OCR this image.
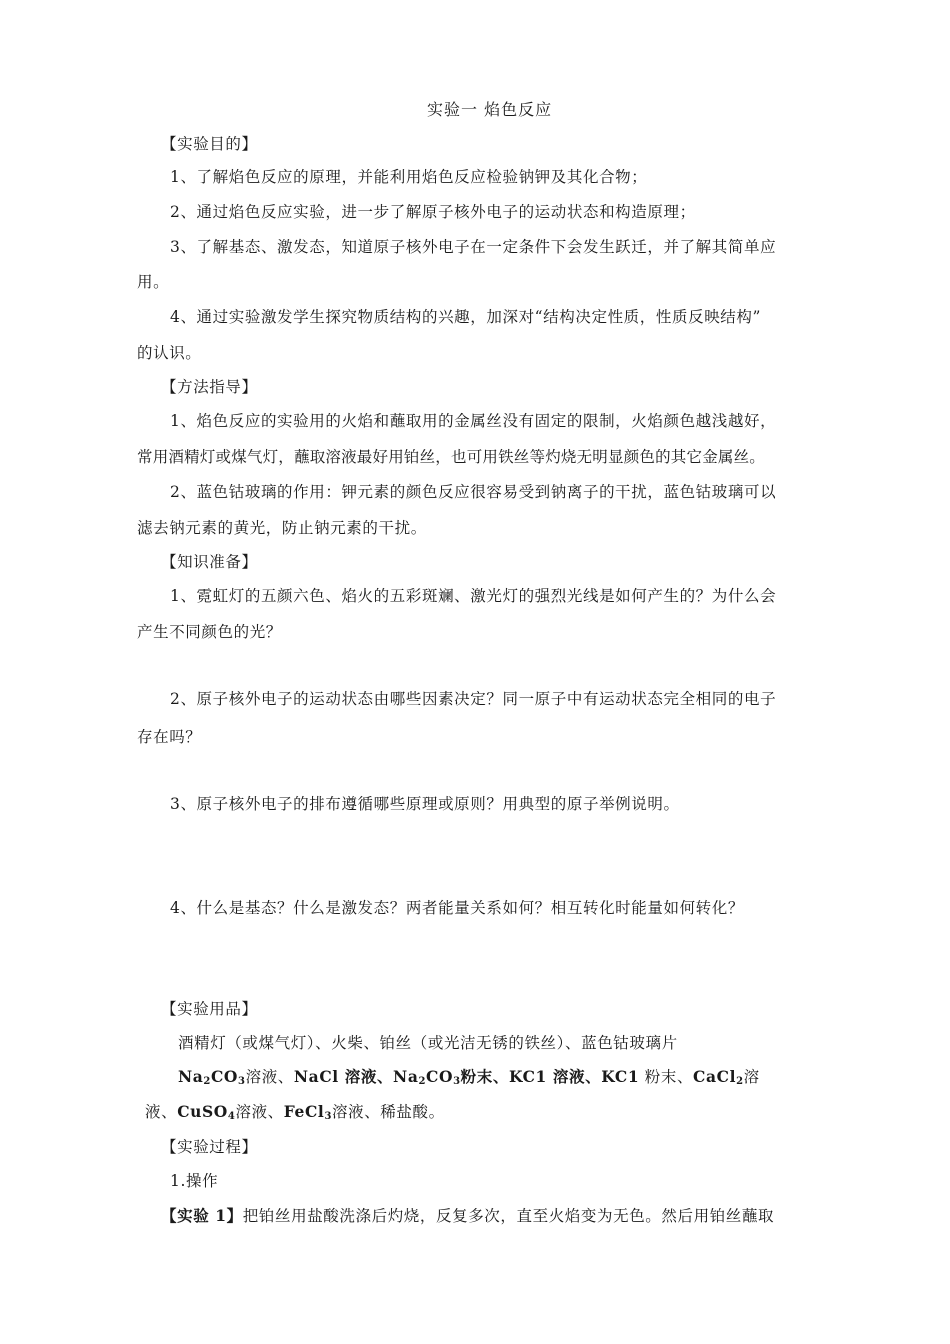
实验一 焰色反应
【实验目的】
1、了解焰色反应的原理，并能利用焰色反应检验钠钾及其化合物；
2、通过焰色反应实验，进一步了解原子核外电子的运动状态和构造原理；
3、了解基态、激发态，知道原子核外电子在一定条件下会发生跃迁，并了解其简单应
用。
4、通过实验激发学生探究物质结构的兴趣，加深对“结构决定性质，性质反映结构”
的认识。
【方法指导】
1、焰色反应的实验用的火焰和蘸取用的金属丝没有固定的限制，火焰颜色越浅越好，
常用酒精灯或煤气灯，蘸取溶液最好用铂丝，也可用铁丝等灼烧无明显颜色的其它金属丝。
2、蓝色钴玻璃的作用：钾元素的颜色反应很容易受到钠离子的干扰，蓝色钴玻璃可以
滤去钠元素的黄光，防止钠元素的干扰。
【知识准备】
1、霓虹灯的五颜六色、焰火的五彩斑斓、激光灯的强烈光线是如何产生的？为什么会
产生不同颜色的光？
2、原子核外电子的运动状态由哪些因素决定？同一原子中有运动状态完全相同的电子
存在吗？
3、原子核外电子的排布遵循哪些原理或原则？用典型的原子举例说明。
4、什么是基态？什么是激发态？两者能量关系如何？相互转化时能量如何转化？
【实验用品】
酒精灯（或煤气灯）、火柴、铂丝（或光洁无锈的铁丝）、蓝色钴玻璃片
$Na_2CO_3$溶液、NaCl 溶液、$Na_2CO_3$粉末、KC1 溶液、KC1 粉末、CaCl$_2$溶
液、CuSO$_4$溶液、FeCl$_3$溶液、稀盐酸。
【实验过程】
1.操作
【实验 1】把铂丝用盐酸洗涤后灼烧，反复多次，直至火焰变为无色。然后用铂丝蘸取
